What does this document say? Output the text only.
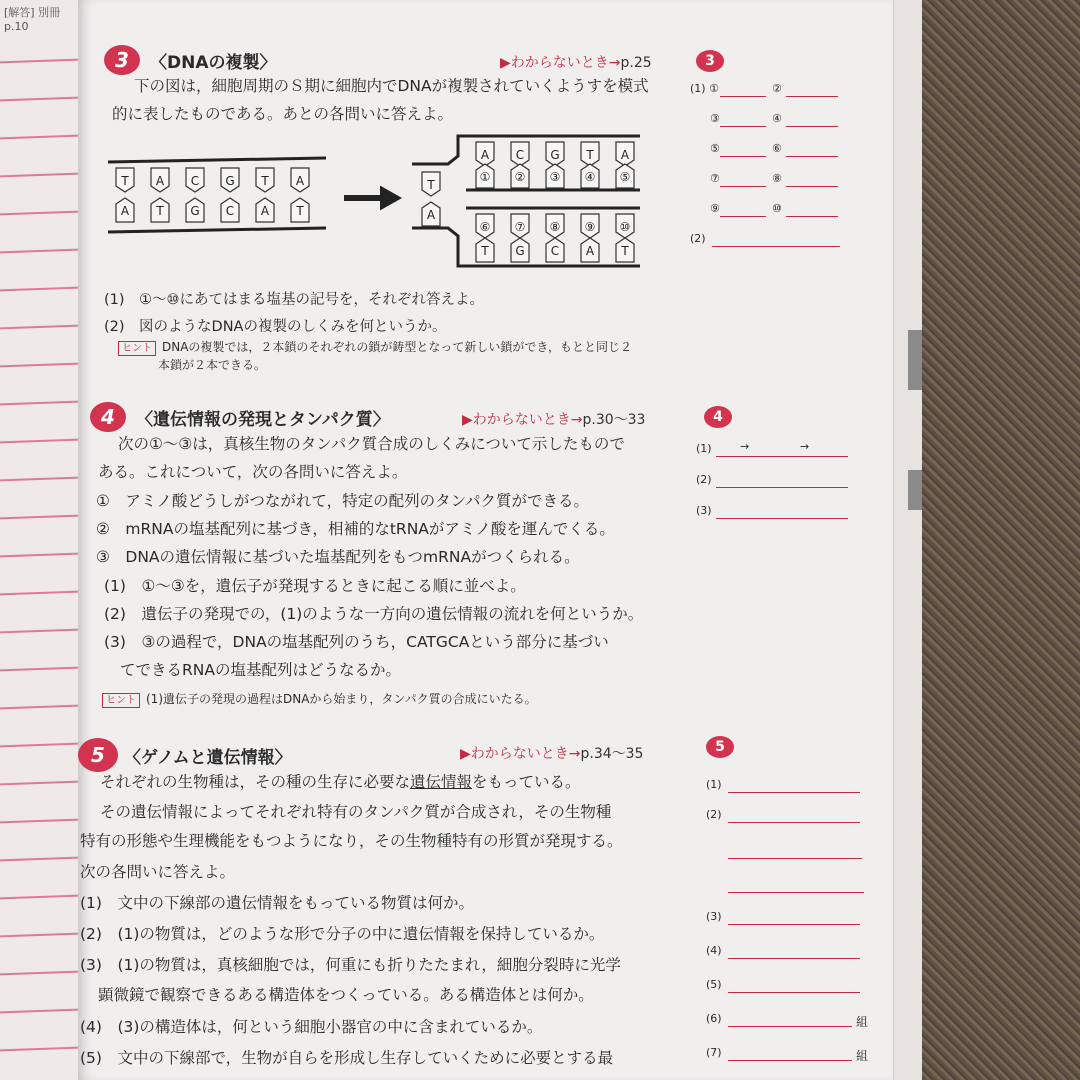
[解答] 別冊 p.10
3	〈DNAの複製〉	▶わからないとき→p.25
下の図は，細胞周期のＳ期に細胞内でDNAが複製されていくようすを模式
的に表したものである。あとの各問いに答えよ。
T A C G T A
A T G C A T
T
A
A C G T A
① ② ③ ④ ⑤
⑥ ⑦ ⑧ ⑨ ⑩
T G C A T
(1)　①～⑩にあてはまる塩基の記号を，それぞれ答えよ。
(2)　図のようなDNAの複製のしくみを何というか。
ヒント DNAの複製では，２本鎖のそれぞれの鎖が鋳型となって新しい鎖ができ，もとと同じ２
本鎖が２本できる。
4	〈遺伝情報の発現とタンパク質〉	▶わからないとき→p.30～33
次の①～③は，真核生物のタンパク質合成のしくみについて示したもので
ある。これについて，次の各問いに答えよ。
①　アミノ酸どうしがつながれて，特定の配列のタンパク質ができる。
②　mRNAの塩基配列に基づき，相補的なtRNAがアミノ酸を運んでくる。
③　DNAの遺伝情報に基づいた塩基配列をもつmRNAがつくられる。
(1)　①～③を，遺伝子が発現するときに起こる順に並べよ。
(2)　遺伝子の発現での，(1)のような一方向の遺伝情報の流れを何というか。
(3)　③の過程で，DNAの塩基配列のうち，CATGCAという部分に基づい
てできるRNAの塩基配列はどうなるか。
ヒント (1)遺伝子の発現の過程はDNAから始まり，タンパク質の合成にいたる。
5	〈ゲノムと遺伝情報〉	▶わからないとき→p.34～35
それぞれの生物種は，その種の生存に必要な遺伝情報をもっている。
その遺伝情報によってそれぞれ特有のタンパク質が合成され，その生物種
特有の形態や生理機能をもつようになり，その生物種特有の形質が発現する。
次の各問いに答えよ。
(1)　文中の下線部の遺伝情報をもっている物質は何か。
(2)　(1)の物質は，どのような形で分子の中に遺伝情報を保持しているか。
(3)　(1)の物質は，真核細胞では，何重にも折りたたまれ，細胞分裂時に光学
顕微鏡で観察できるある構造体をつくっている。ある構造体とは何か。
(4)　(3)の構造体は，何という細胞小器官の中に含まれているか。
(5)　文中の下線部で，生物が自らを形成し生存していくために必要とする最
3
(1) ①	②
③	④
⑤	⑥
⑦	⑧
⑨	⑩
(2)
4
(1)	→	→
(2)
(3)
5
(1)
(2)
(3)
(4)
(5)
(6)
(7)
組
組
